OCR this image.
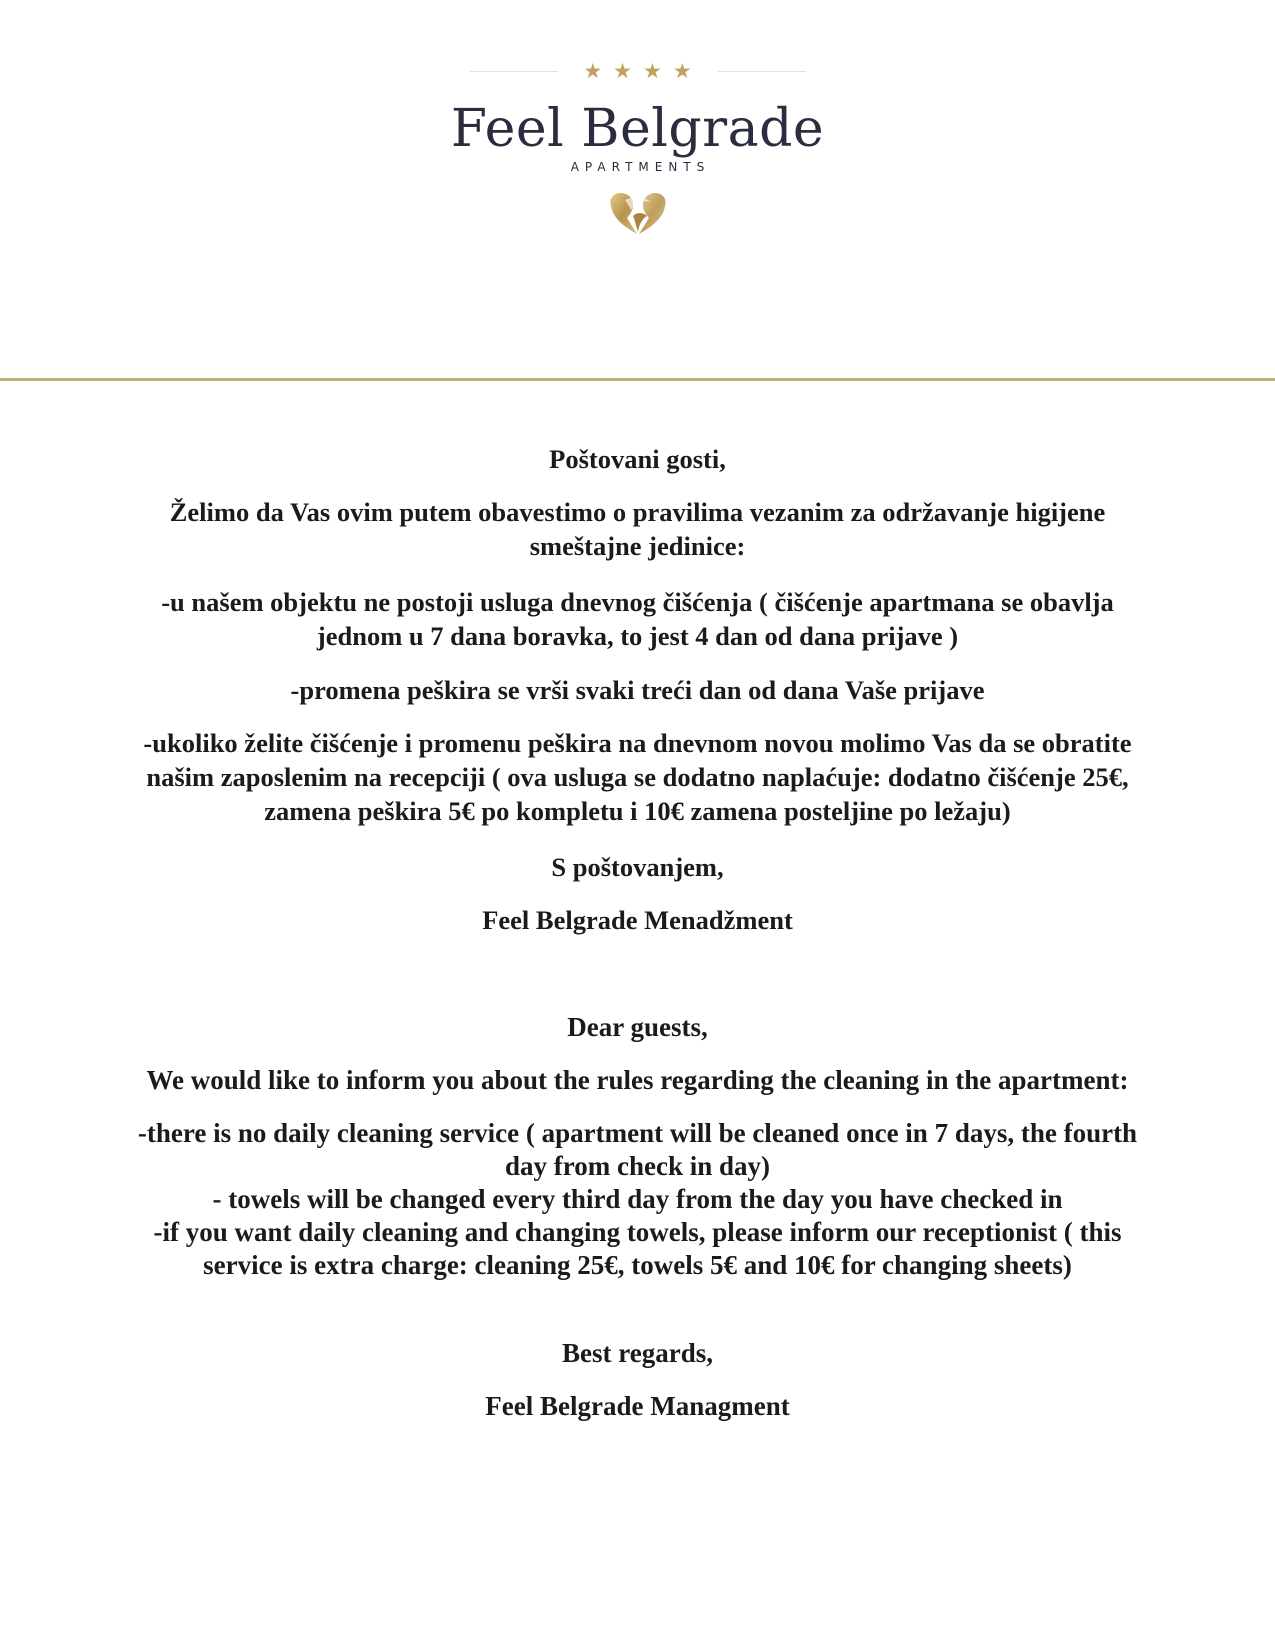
★★★★
Feel Belgrade
APARTMENTS

Poštovani gosti,

Želimo da Vas ovim putem obavestimo o pravilima vezanim za održavanje higijene
smeštajne jedinice:

-u našem objektu ne postoji usluga dnevnog čišćenja ( čišćenje apartmana se obavlja
jednom u 7 dana boravka, to jest 4 dan od dana prijave )

-promena peškira se vrši svaki treći dan od dana Vaše prijave

-ukoliko želite čišćenje i promenu peškira na dnevnom novou molimo Vas da se obratite
našim zaposlenim na recepciji ( ova usluga se dodatno naplaćuje: dodatno čišćenje 25€,
zamena peškira 5€ po kompletu i 10€ zamena posteljine po ležaju)

S poštovanjem,

Feel Belgrade Menadžment

Dear guests,

We would like to inform you about the rules regarding the cleaning in the apartment:

-there is no daily cleaning service ( apartment will be cleaned once in 7 days, the fourth
day from check in day)
- towels will be changed every third day from the day you have checked in
-if you want daily cleaning and changing towels, please inform our receptionist ( this
service is extra charge: cleaning 25€, towels 5€ and 10€ for changing sheets)

Best regards,

Feel Belgrade Managment
